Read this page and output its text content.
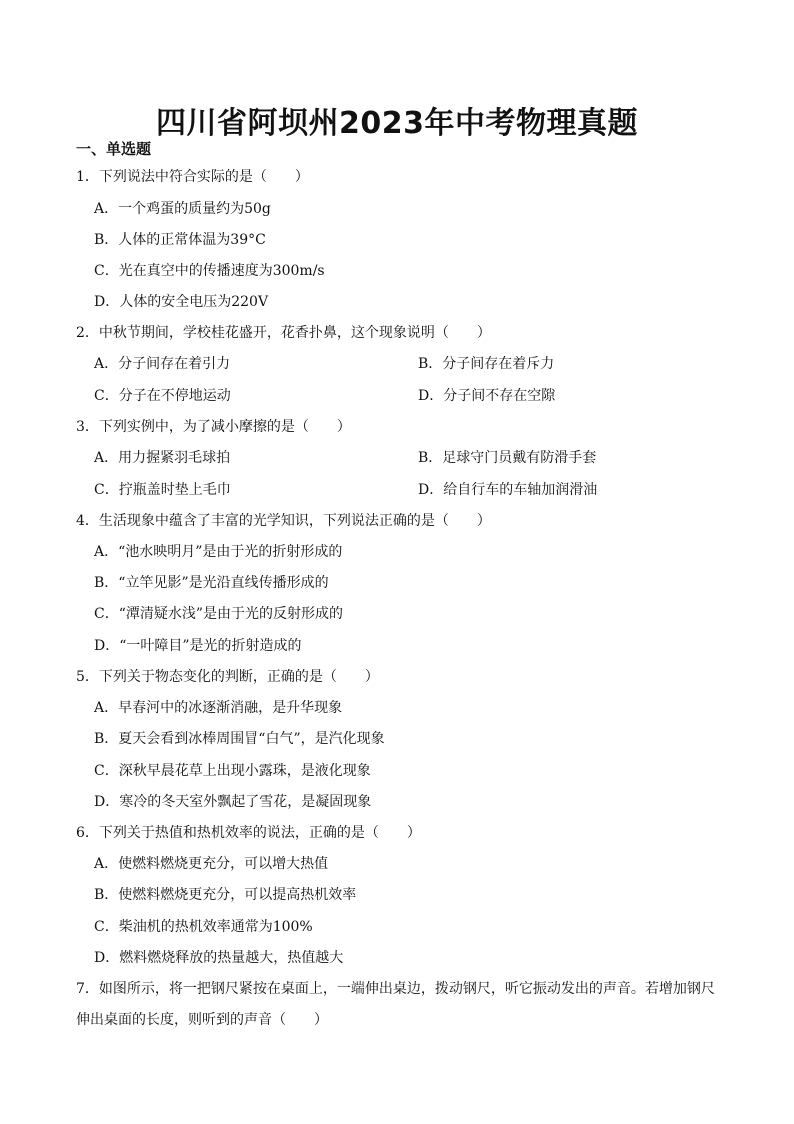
四川省阿坝州2023年中考物理真题
一、单选题
1．下列说法中符合实际的是（　　）
A．一个鸡蛋的质量约为50g
B．人体的正常体温为39°C
C．光在真空中的传播速度为300m/s
D．人体的安全电压为220V
2．中秋节期间，学校桂花盛开，花香扑鼻，这个现象说明（　　）
A．分子间存在着引力	B．分子间存在着斥力
C．分子在不停地运动	D．分子间不存在空隙
3．下列实例中，为了减小摩擦的是（　　）
A．用力握紧羽毛球拍	B．足球守门员戴有防滑手套
C．拧瓶盖时垫上毛巾	D．给自行车的车轴加润滑油
4．生活现象中蕴含了丰富的光学知识，下列说法正确的是（　　）
A．“池水映明月”是由于光的折射形成的
B．“立竿见影”是光沿直线传播形成的
C．“潭清疑水浅”是由于光的反射形成的
D．“一叶障目”是光的折射造成的
5．下列关于物态变化的判断，正确的是（　　）
A．早春河中的冰逐渐消融，是升华现象
B．夏天会看到冰棒周围冒“白气”，是汽化现象
C．深秋早晨花草上出现小露珠，是液化现象
D．寒冷的冬天室外飘起了雪花，是凝固现象
6．下列关于热值和热机效率的说法，正确的是（　　）
A．使燃料燃烧更充分，可以增大热值
B．使燃料燃烧更充分，可以提高热机效率
C．柴油机的热机效率通常为100%
D．燃料燃烧释放的热量越大，热值越大
7．如图所示，将一把钢尺紧按在桌面上，一端伸出桌边，拨动钢尺，听它振动发出的声音。若增加钢尺
伸出桌面的长度，则听到的声音（　　）
